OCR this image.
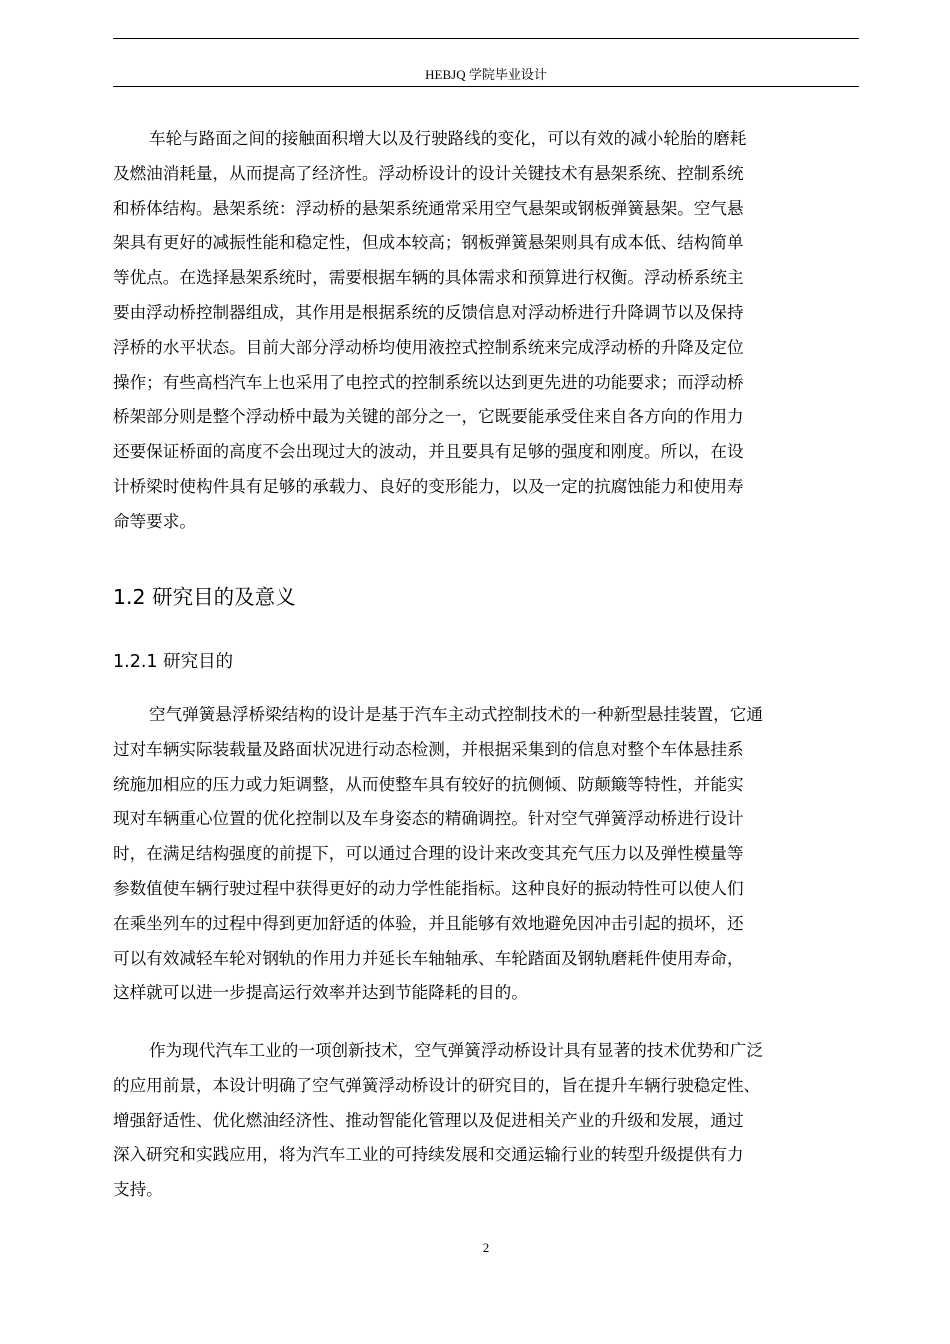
HEBJQ 学院毕业设计
车轮与路面之间的接触面积增大以及行驶路线的变化，可以有效的减小轮胎的磨耗
及燃油消耗量，从而提高了经济性。浮动桥设计的设计关键技术有悬架系统、控制系统
和桥体结构。悬架系统：浮动桥的悬架系统通常采用空气悬架或钢板弹簧悬架。空气悬
架具有更好的减振性能和稳定性，但成本较高；钢板弹簧悬架则具有成本低、结构简单
等优点。在选择悬架系统时，需要根据车辆的具体需求和预算进行权衡。浮动桥系统主
要由浮动桥控制器组成，其作用是根据系统的反馈信息对浮动桥进行升降调节以及保持
浮桥的水平状态。目前大部分浮动桥均使用液控式控制系统来完成浮动桥的升降及定位
操作；有些高档汽车上也采用了电控式的控制系统以达到更先进的功能要求；而浮动桥
桥架部分则是整个浮动桥中最为关键的部分之一，它既要能承受住来自各方向的作用力
还要保证桥面的高度不会出现过大的波动，并且要具有足够的强度和刚度。所以，在设
计桥梁时使构件具有足够的承载力、良好的变形能力，以及一定的抗腐蚀能力和使用寿
命等要求。
1.2 研究目的及意义
1.2.1 研究目的
空气弹簧悬浮桥梁结构的设计是基于汽车主动式控制技术的一种新型悬挂装置，它通
过对车辆实际装载量及路面状况进行动态检测，并根据采集到的信息对整个车体悬挂系
统施加相应的压力或力矩调整，从而使整车具有较好的抗侧倾、防颠簸等特性，并能实
现对车辆重心位置的优化控制以及车身姿态的精确调控。针对空气弹簧浮动桥进行设计
时，在满足结构强度的前提下，可以通过合理的设计来改变其充气压力以及弹性模量等
参数值使车辆行驶过程中获得更好的动力学性能指标。这种良好的振动特性可以使人们
在乘坐列车的过程中得到更加舒适的体验，并且能够有效地避免因冲击引起的损坏，还
可以有效减轻车轮对钢轨的作用力并延长车轴轴承、车轮踏面及钢轨磨耗件使用寿命，
这样就可以进一步提高运行效率并达到节能降耗的目的。
作为现代汽车工业的一项创新技术，空气弹簧浮动桥设计具有显著的技术优势和广泛
的应用前景，本设计明确了空气弹簧浮动桥设计的研究目的，旨在提升车辆行驶稳定性、
增强舒适性、优化燃油经济性、推动智能化管理以及促进相关产业的升级和发展，通过
深入研究和实践应用，将为汽车工业的可持续发展和交通运输行业的转型升级提供有力
支持。
2
